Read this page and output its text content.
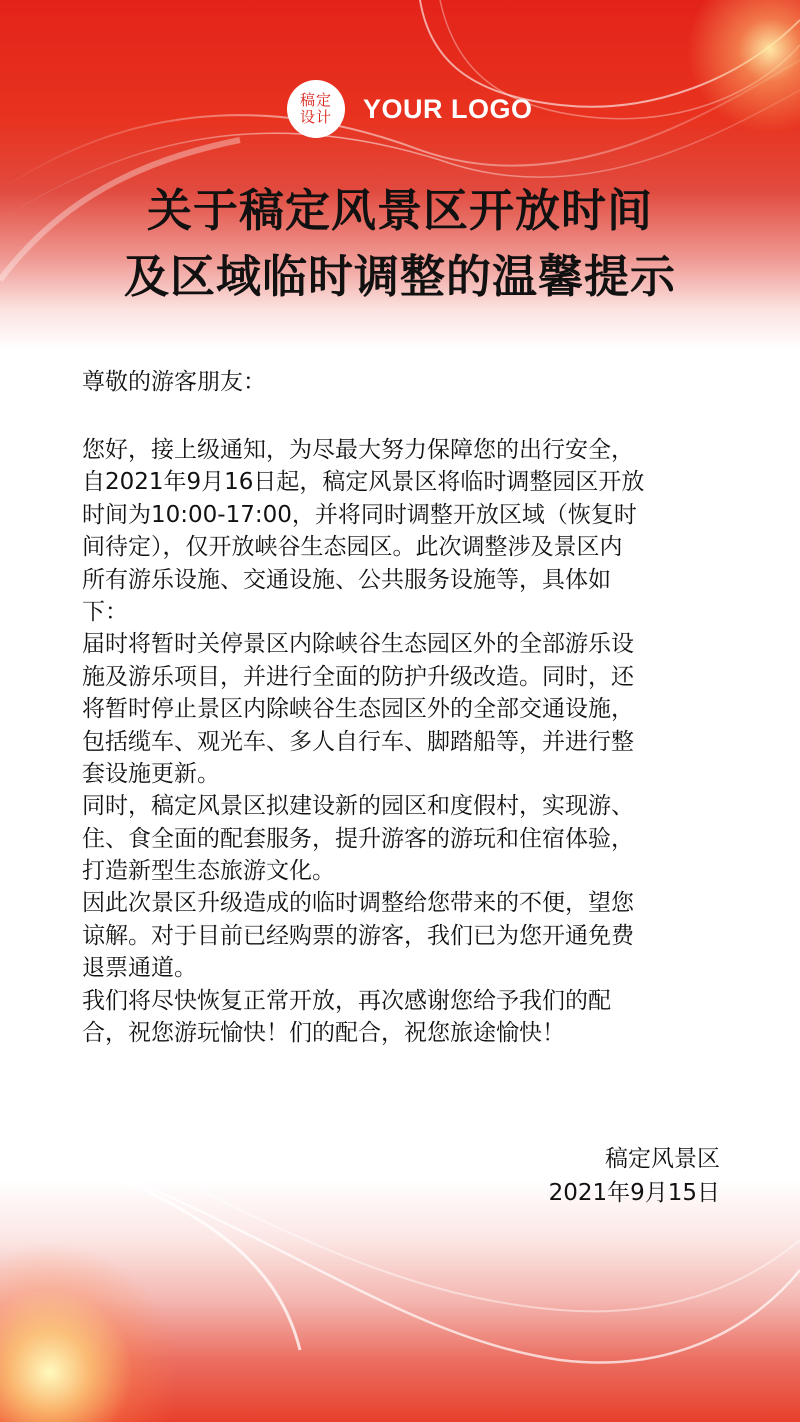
稿定
设计 YOUR LOGO
关于稿定风景区开放时间
及区域临时调整的温馨提示
尊敬的游客朋友：
您好，接上级通知，为尽最大努力保障您的出行安全，
自2021年9月16日起，稿定风景区将临时调整园区开放
时间为10:00-17:00，并将同时调整开放区域（恢复时
间待定），仅开放峡谷生态园区。此次调整涉及景区内
所有游乐设施、交通设施、公共服务设施等，具体如
下：
届时将暂时关停景区内除峡谷生态园区外的全部游乐设
施及游乐项目，并进行全面的防护升级改造。同时，还
将暂时停止景区内除峡谷生态园区外的全部交通设施，
包括缆车、观光车、多人自行车、脚踏船等，并进行整
套设施更新。
同时，稿定风景区拟建设新的园区和度假村，实现游、
住、食全面的配套服务，提升游客的游玩和住宿体验，
打造新型生态旅游文化。
因此次景区升级造成的临时调整给您带来的不便，望您
谅解。对于目前已经购票的游客，我们已为您开通免费
退票通道。
我们将尽快恢复正常开放，再次感谢您给予我们的配
合，祝您游玩愉快！们的配合，祝您旅途愉快！
稿定风景区
2021年9月15日
